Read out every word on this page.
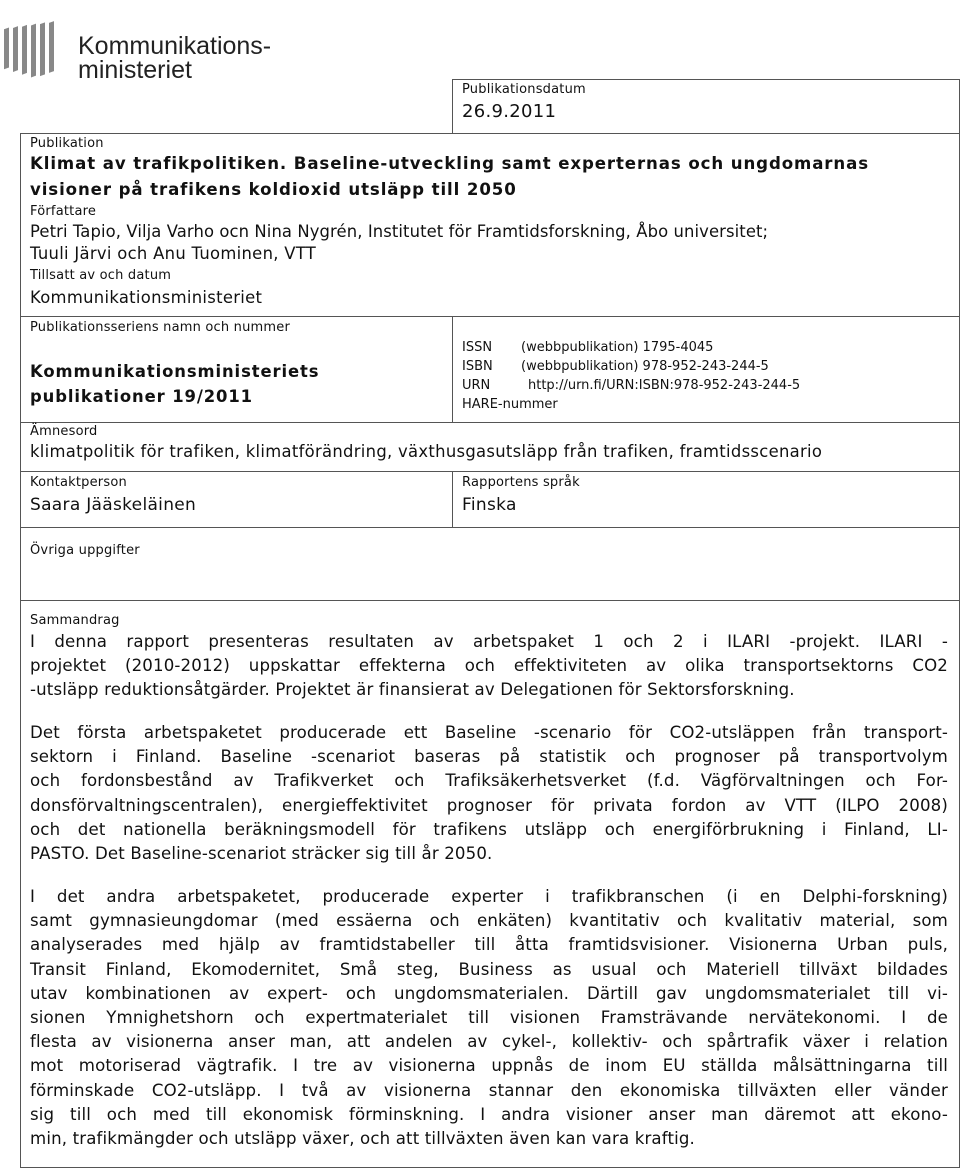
Kommunikations-
ministeriet
Publikationsdatum
26.9.2011
Publikation
Klimat av trafikpolitiken. Baseline-utveckling samt experternas och ungdomarnas
visioner på trafikens koldioxid utsläpp till 2050
Författare
Petri Tapio, Vilja Varho ocn Nina Nygrén, Institutet för Framtidsforskning, Åbo universitet;
Tuuli Järvi och Anu Tuominen, VTT
Tillsatt av och datum
Kommunikationsministeriet
Publikationsseriens namn och nummer
Kommunikationsministeriets
publikationer 19/2011
ISSN (webbpublikation) 1795-4045
ISBN (webbpublikation) 978-952-243-244-5
URN	http://urn.fi/URN:ISBN:978-952-243-244-5
HARE-nummer
Ämnesord
klimatpolitik för trafiken, klimatförändring, växthusgasutsläpp från trafiken, framtidsscenario
Kontaktperson
Saara Jääskeläinen
Rapportens språk
Finska
Övriga uppgifter
Sammandrag
I denna rapport presenteras resultaten av arbetspaket 1 och 2 i ILARI -projekt. ILARI -
projektet (2010-2012) uppskattar effekterna och effektiviteten av olika transportsektorns CO2
-utsläpp reduktionsåtgärder. Projektet är finansierat av Delegationen för Sektorsforskning.
Det första arbetspaketet producerade ett Baseline -scenario för CO2-utsläppen från transport-
sektorn i Finland. Baseline -scenariot baseras på statistik och prognoser på transportvolym
och fordonsbestånd av Trafikverket och Trafiksäkerhetsverket (f.d. Vägförvaltningen och For-
donsförvaltningscentralen), energieffektivitet prognoser för privata fordon av VTT (ILPO 2008)
och det nationella beräkningsmodell för trafikens utsläpp och energiförbrukning i Finland, LI-
PASTO. Det Baseline-scenariot sträcker sig till år 2050.
I det andra arbetspaketet, producerade experter i trafikbranschen (i en Delphi-forskning)
samt gymnasieungdomar (med essäerna och enkäten) kvantitativ och kvalitativ material, som
analyserades med hjälp av framtidstabeller till åtta framtidsvisioner. Visionerna Urban puls,
Transit Finland, Ekomodernitet, Små steg, Business as usual och Materiell tillväxt bildades
utav kombinationen av expert- och ungdomsmaterialen. Därtill gav ungdomsmaterialet till vi-
sionen Ymnighetshorn och expertmaterialet till visionen Framsträvande nervätekonomi. I de
flesta av visionerna anser man, att andelen av cykel-, kollektiv- och spårtrafik växer i relation
mot motoriserad vägtrafik. I tre av visionerna uppnås de inom EU ställda målsättningarna till
förminskade CO2-utsläpp. I två av visionerna stannar den ekonomiska tillväxten eller vänder
sig till och med till ekonomisk förminskning. I andra visioner anser man däremot att ekono-
min, trafikmängder och utsläpp växer, och att tillväxten även kan vara kraftig.
